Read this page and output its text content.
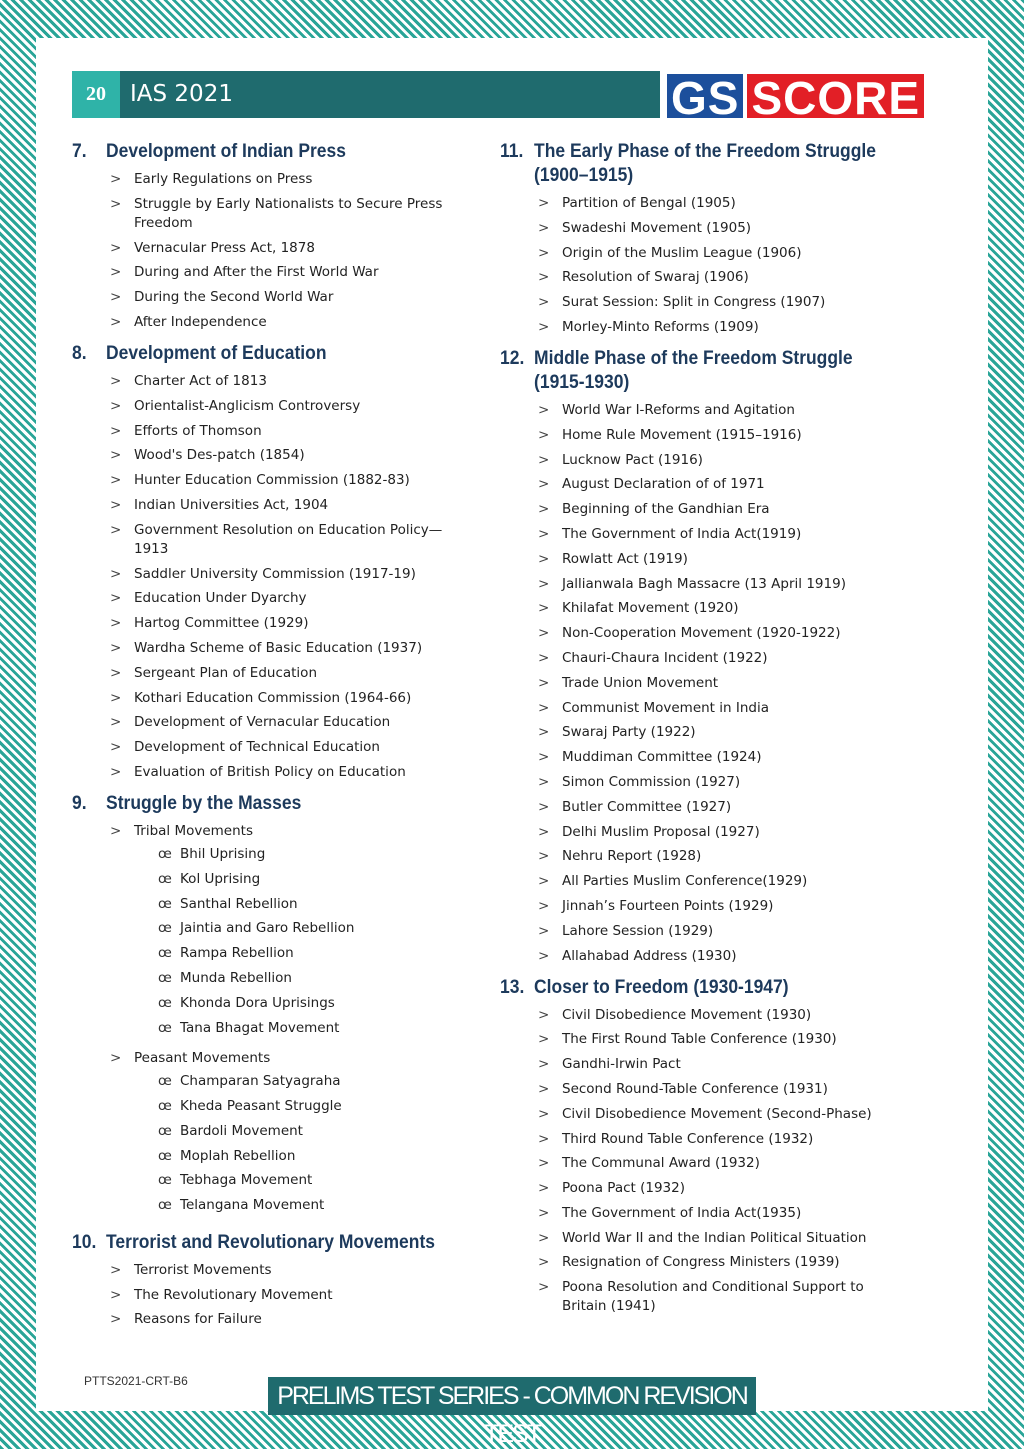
20	IAS 2021	GS SCORE
7.	Development of Indian Press
> Early Regulations on Press
> Struggle by Early Nationalists to Secure Press Freedom
> Vernacular Press Act, 1878
> During and After the First World War
> During the Second World War
> After Independence
8.	Development of Education
> Charter Act of 1813
> Orientalist-Anglicism Controversy
> Efforts of Thomson
> Wood's Des-patch (1854)
> Hunter Education Commission (1882-83)
> Indian Universities Act, 1904
> Government Resolution on Education Policy—1913
> Saddler University Commission (1917-19)
> Education Under Dyarchy
> Hartog Committee (1929)
> Wardha Scheme of Basic Education (1937)
> Sergeant Plan of Education
> Kothari Education Commission (1964-66)
> Development of Vernacular Education
> Development of Technical Education
> Evaluation of British Policy on Education
9.	Struggle by the Masses
> Tribal Movements
œ Bhil Uprising
œ Kol Uprising
œ Santhal Rebellion
œ Jaintia and Garo Rebellion
œ Rampa Rebellion
œ Munda Rebellion
œ Khonda Dora Uprisings
œ Tana Bhagat Movement
> Peasant Movements
œ Champaran Satyagraha
œ Kheda Peasant Struggle
œ Bardoli Movement
œ Moplah Rebellion
œ Tebhaga Movement
œ Telangana Movement
10. Terrorist and Revolutionary Movements
> Terrorist Movements
> The Revolutionary Movement
> Reasons for Failure
11. The Early Phase of the Freedom Struggle (1900–1915)
> Partition of Bengal (1905)
> Swadeshi Movement (1905)
> Origin of the Muslim League (1906)
> Resolution of Swaraj (1906)
> Surat Session: Split in Congress (1907)
> Morley-Minto Reforms (1909)
12. Middle Phase of the Freedom Struggle (1915-1930)
> World War I-Reforms and Agitation
> Home Rule Movement (1915–1916)
> Lucknow Pact (1916)
> August Declaration of of 1971
> Beginning of the Gandhian Era
> The Government of India Act(1919)
> Rowlatt Act (1919)
> Jallianwala Bagh Massacre (13 April 1919)
> Khilafat Movement (1920)
> Non-Cooperation Movement (1920-1922)
> Chauri-Chaura Incident (1922)
> Trade Union Movement
> Communist Movement in India
> Swaraj Party (1922)
> Muddiman Committee (1924)
> Simon Commission (1927)
> Butler Committee (1927)
> Delhi Muslim Proposal (1927)
> Nehru Report (1928)
> All Parties Muslim Conference(1929)
> Jinnah’s Fourteen Points (1929)
> Lahore Session (1929)
> Allahabad Address (1930)
13. Closer to Freedom (1930-1947)
> Civil Disobedience Movement (1930)
> The First Round Table Conference (1930)
> Gandhi-Irwin Pact
> Second Round-Table Conference (1931)
> Civil Disobedience Movement (Second-Phase)
> Third Round Table Conference (1932)
> The Communal Award (1932)
> Poona Pact (1932)
> The Government of India Act(1935)
> World War II and the Indian Political Situation
> Resignation of Congress Ministers (1939)
> Poona Resolution and Conditional Support to Britain (1941)
PTTS2021-CRT-B6
PRELIMS TEST SERIES - COMMON REVISION TEST
